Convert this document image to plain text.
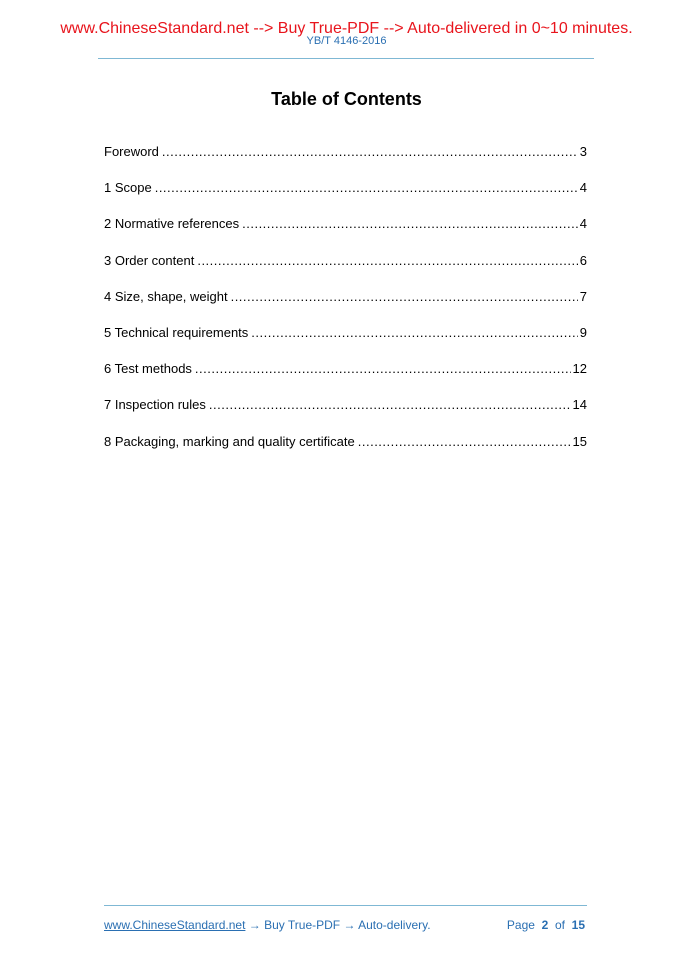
www.ChineseStandard.net --> Buy True-PDF --> Auto-delivered in 0~10 minutes.
YB/T 4146-2016
Table of Contents
Foreword .....	3
1 Scope .....	4
2 Normative references .....	4
3 Order content .....	6
4 Size, shape, weight .....	7
5 Technical requirements .....	9
6 Test methods .....	12
7 Inspection rules .....	14
8 Packaging, marking and quality certificate .....	15
www.ChineseStandard.net → Buy True-PDF → Auto-delivery.	Page 2 of 15
